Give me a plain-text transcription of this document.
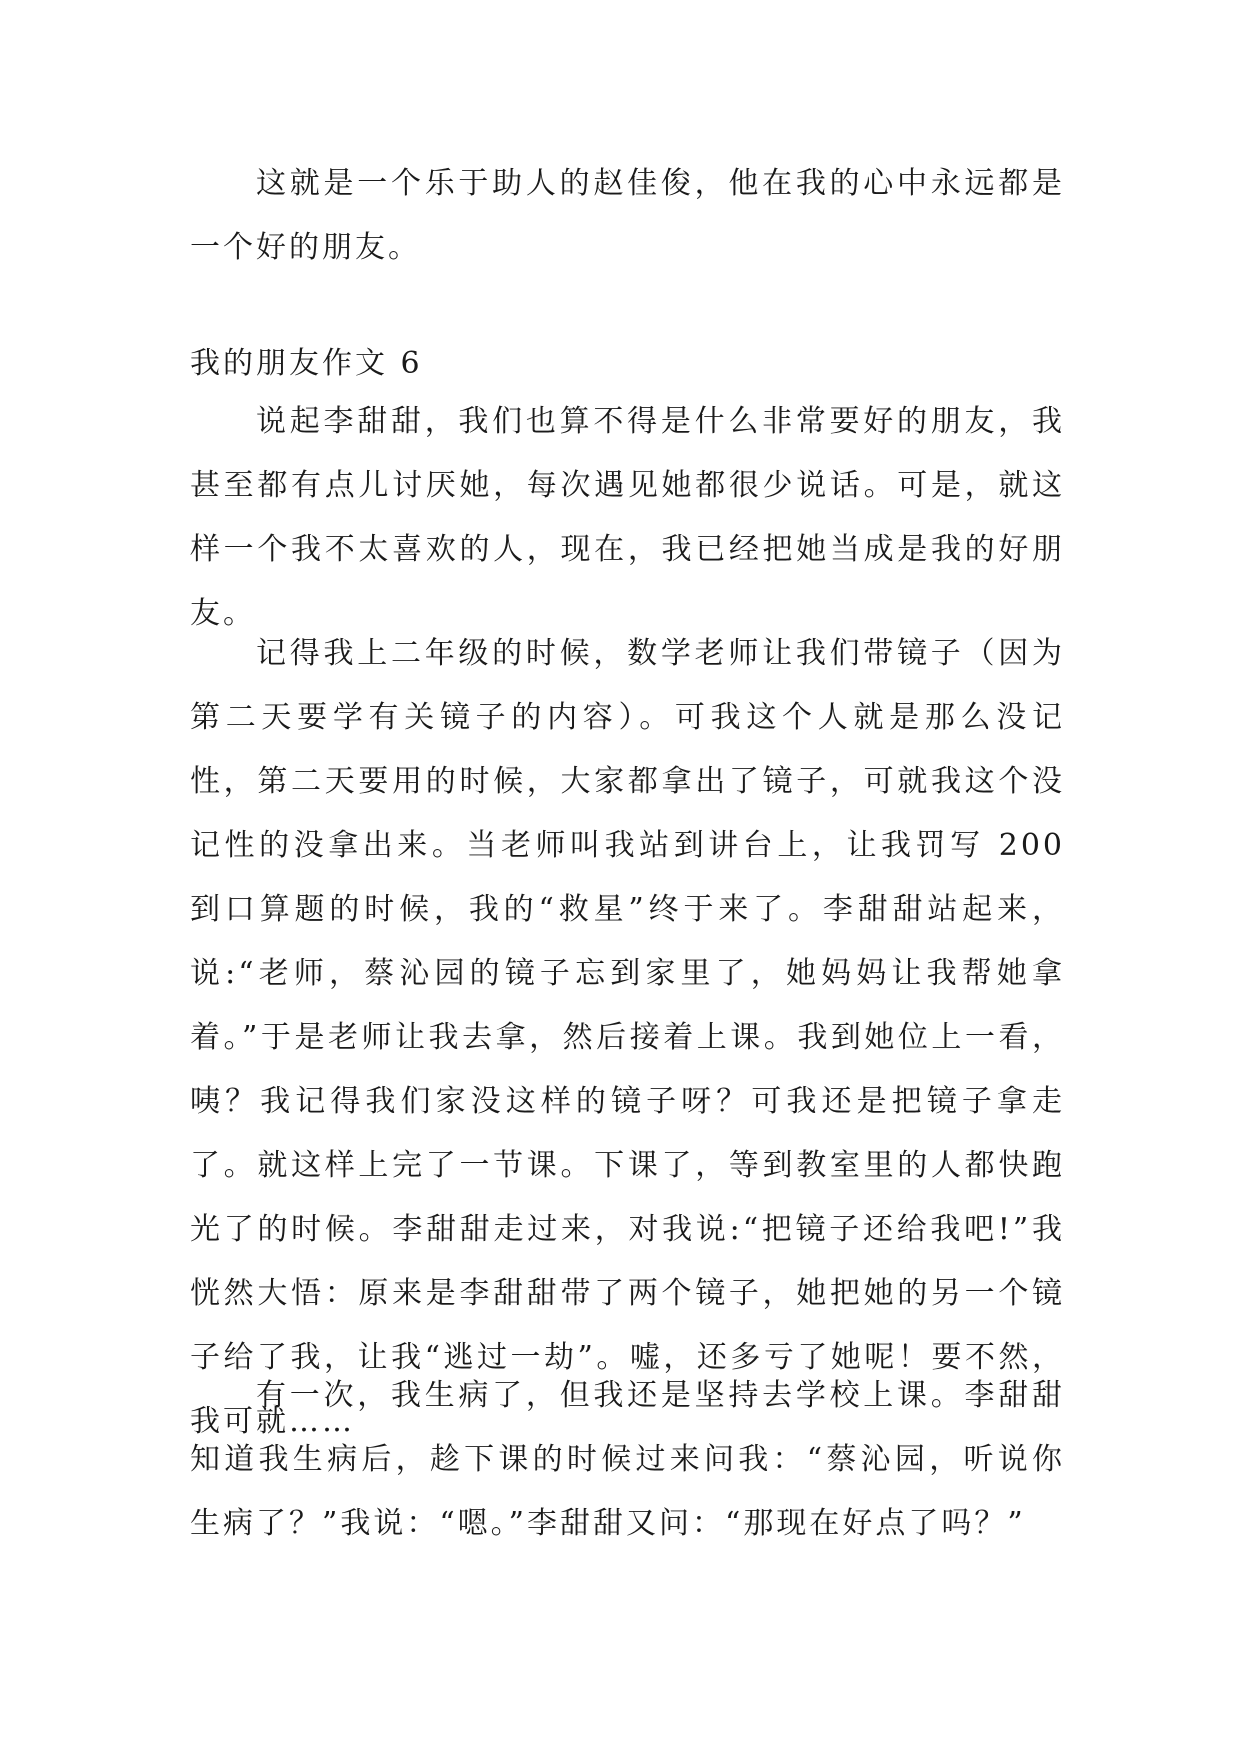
这就是一个乐于助人的赵佳俊，他在我的心中永远都是一个好的朋友。

我的朋友作文 6

说起李甜甜，我们也算不得是什么非常要好的朋友，我甚至都有点儿讨厌她，每次遇见她都很少说话。可是，就这样一个我不太喜欢的人，现在，我已经把她当成是我的好朋友。

记得我上二年级的时候，数学老师让我们带镜子（因为第二天要学有关镜子的内容）。可我这个人就是那么没记性，第二天要用的时候，大家都拿出了镜子，可就我这个没记性的没拿出来。当老师叫我站到讲台上，让我罚写 200 到口算题的时候，我的“救星”终于来了。李甜甜站起来，说:“老师，蔡沁园的镜子忘到家里了，她妈妈让我帮她拿着。”于是老师让我去拿，然后接着上课。我到她位上一看，咦？我记得我们家没这样的镜子呀？可我还是把镜子拿走了。就这样上完了一节课。下课了，等到教室里的人都快跑光了的时候。李甜甜走过来，对我说:“把镜子还给我吧!”我恍然大悟：原来是李甜甜带了两个镜子，她把她的另一个镜子给了我，让我“逃过一劫”。嘘，还多亏了她呢！要不然，我可就……

有一次，我生病了，但我还是坚持去学校上课。李甜甜知道我生病后，趁下课的时候过来问我：“蔡沁园，听说你生病了？”我说：“嗯。”李甜甜又问：“那现在好点了吗？”
